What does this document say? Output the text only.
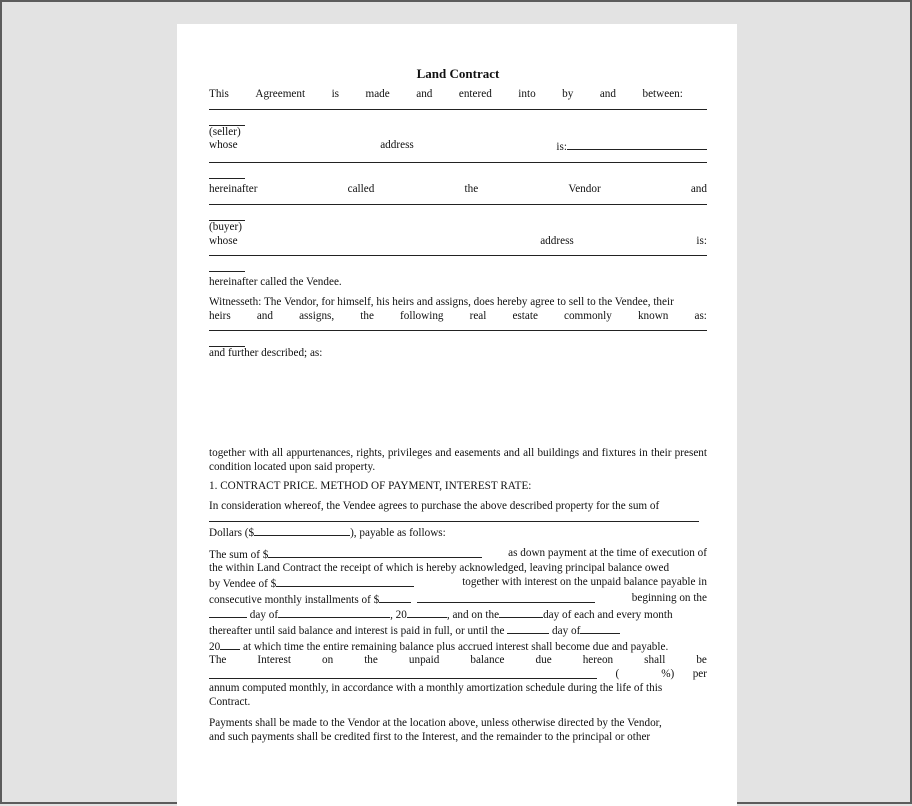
Land Contract
This Agreement is made and entered into by and between:
(seller)
whose	address	is:
hereinafter	called	the	Vendor	and
(buyer)
whose	address	is:
hereinafter called the Vendee.
Witnesseth: The Vendor, for himself, his heirs and assigns, does hereby agree to sell to the Vendee, their
heirs and assigns, the following real estate commonly known as:
and further described; as:

together with all appurtenances, rights, privileges and easements and all buildings and fixtures in their present condition located upon said property.

1. CONTRACT PRICE. METHOD OF PAYMENT, INTEREST RATE:
In consideration whereof, the Vendee agrees to purchase the above described property for the sum of
Dollars ($	), payable as follows:
The sum of $	as down payment at the time of execution of
the within Land Contract the receipt of which is hereby acknowledged, leaving principal balance owed
by Vendee of $	together with interest on the unpaid balance payable in
consecutive monthly installments of $	beginning on the
day of	, 20	, and on the	day of each and every month
thereafter until said balance and interest is paid in full, or until the	day of
20 at which time the entire remaining balance plus accrued interest shall become due and payable.
The	Interest	on	the	unpaid	balance	due	hereon	shall	be
(	%) per
annum computed monthly, in accordance with a monthly amortization schedule during the life of this
Contract.
Payments shall be made to the Vendor at the location above, unless otherwise directed by the Vendor,
and such payments shall be credited first to the Interest, and the remainder to the principal or other
